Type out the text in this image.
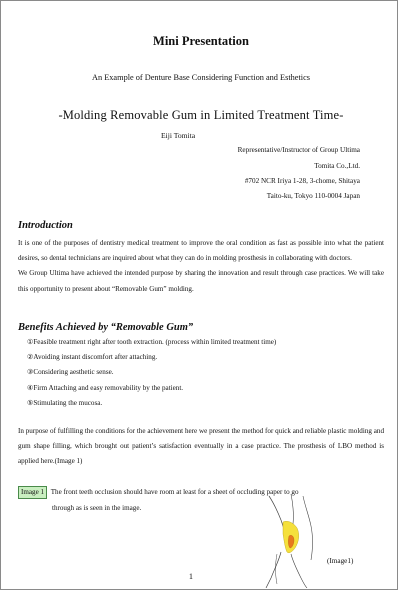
Mini Presentation
An Example of Denture Base Considering Function and Esthetics
-Molding Removable Gum in Limited Treatment Time-
Eiji Tomita
Representative/Instructor of Group Ultima
Tomita Co.,Ltd.
#702 NCR Iriya 1-28, 3-chome, Shitaya
Taito-ku, Tokyo 110-0004 Japan
Introduction

It is one of the purposes of dentistry medical treatment to improve the oral condition as fast as possible into what the patient desires, so dental technicians are inquired about what they can do in molding prosthesis in collaborating with doctors.

We Group Ultima have achieved the intended purpose by sharing the innovation and result through case practices. We will take this opportunity to present about “Removable Gum” molding.

Benefits Achieved by “Removable Gum”
①Feasible treatment right after tooth extraction. (process within limited treatment time)
②Avoiding instant discomfort after attaching.
③Considering aesthetic sense.
④Firm Attaching and easy removability by the patient.
⑤Stimulating the mucosa.
In purpose of fulfilling the conditions for the achievement here we present the method for quick and reliable plastic molding and gum shape filling, which brought out patient’s satisfaction eventually in a case practice. The prosthesis of LBO method is applied here.(Image 1)
Image 1 The front teeth occlusion should have room at least for a sheet of occluding paper to go
through as is seen in the image.
(Image1)
1
